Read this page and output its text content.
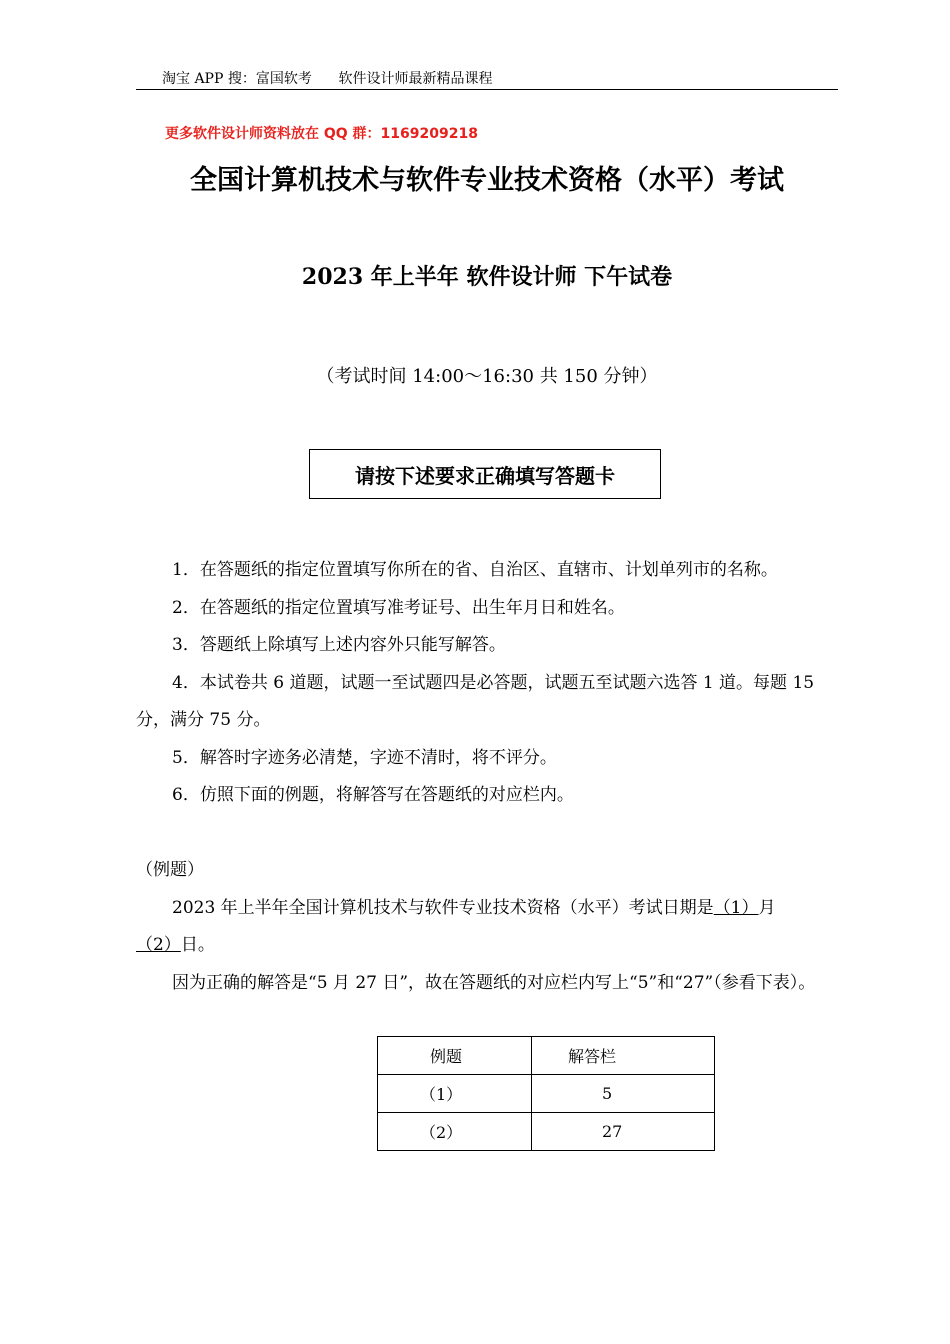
淘宝 APP 搜：富国软考      软件设计师最新精品课程
更多软件设计师资料放在 QQ 群：1169209218
全国计算机技术与软件专业技术资格（水平）考试
2023 年上半年 软件设计师 下午试卷
（考试时间 14:00～16:30 共 150 分钟）
请按下述要求正确填写答题卡

1．在答题纸的指定位置填写你所在的省、自治区、直辖市、计划单列市的名称。

2．在答题纸的指定位置填写准考证号、出生年月日和姓名。

3．答题纸上除填写上述内容外只能写解答。

4．本试卷共 6 道题，试题一至试题四是必答题，试题五至试题六选答 1 道。每题 15 分，满分 75 分。

5．解答时字迹务必清楚，字迹不清时，将不评分。

6．仿照下面的例题，将解答写在答题纸的对应栏内。

（例题）

2023 年上半年全国计算机技术与软件专业技术资格（水平）考试日期是（1）月
（2）日。

因为正确的解答是“5 月 27 日”，故在答题纸的对应栏内写上“5”和“27”（参看下表）。

例题	解答栏
（1）	5
（2）	27
